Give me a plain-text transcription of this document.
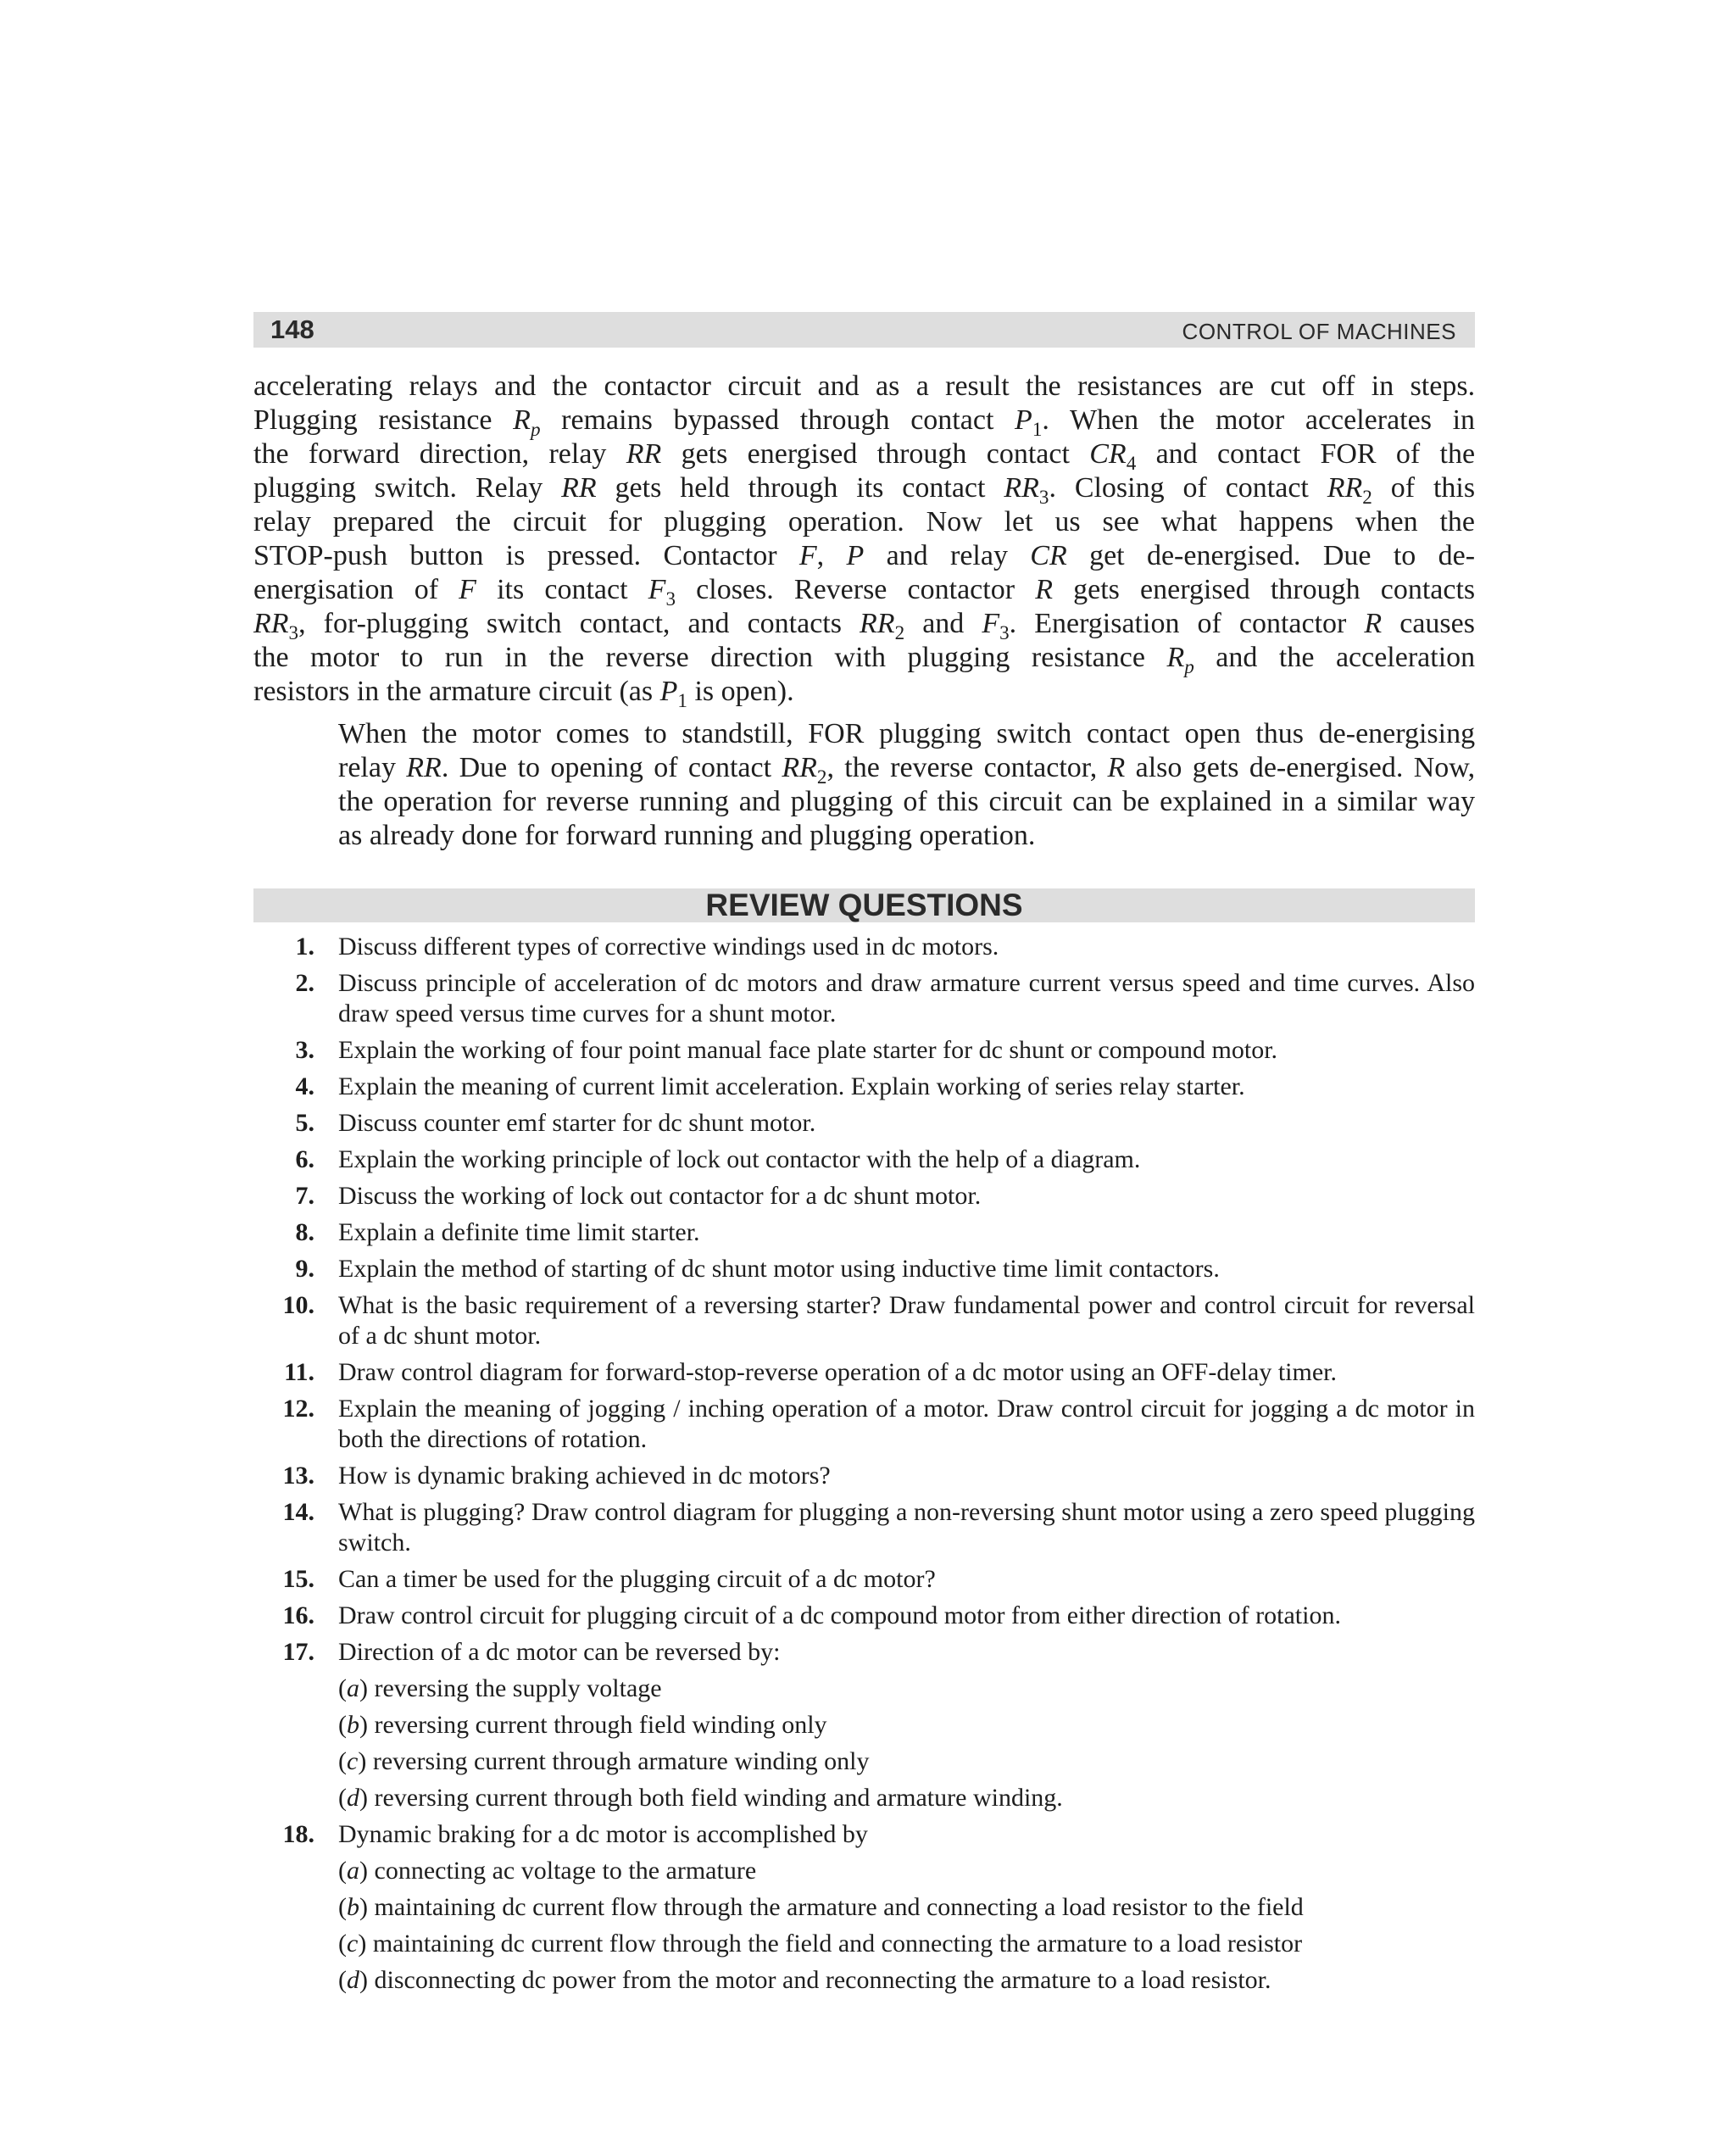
148	CONTROL OF MACHINES

accelerating relays and the contactor circuit and as a result the resistances are cut off in steps.
Plugging resistance $R_p$ remains bypassed through contact $P_1$. When the motor accelerates in
the forward direction, relay RR gets energised through contact $CR_4$ and contact FOR of the
plugging switch. Relay RR gets held through its contact $RR_3$. Closing of contact $RR_2$ of this
relay prepared the circuit for plugging operation. Now let us see what happens when the
STOP-push button is pressed. Contactor F, P and relay CR get de-energised. Due to de-
energisation of F its contact $F_3$ closes. Reverse contactor R gets energised through contacts
$RR_3$, for-plugging switch contact, and contacts $RR_2$ and $F_3$. Energisation of contactor R causes
the motor to run in the reverse direction with plugging resistance $R_p$ and the acceleration
resistors in the armature circuit (as $P_1$ is open).

When the motor comes to standstill, FOR plugging switch contact open thus de-energising
relay RR. Due to opening of contact $RR_2$, the reverse contactor, R also gets de-energised. Now,
the operation for reverse running and plugging of this circuit can be explained in a similar way
as already done for forward running and plugging operation.

REVIEW QUESTIONS
1. Discuss different types of corrective windings used in dc motors.
2. Discuss principle of acceleration of dc motors and draw armature current versus speed and time curves. Also draw speed versus time curves for a shunt motor.
3. Explain the working of four point manual face plate starter for dc shunt or compound motor.
4. Explain the meaning of current limit acceleration. Explain working of series relay starter.
5. Discuss counter emf starter for dc shunt motor.
6. Explain the working principle of lock out contactor with the help of a diagram.
7. Discuss the working of lock out contactor for a dc shunt motor.
8. Explain a definite time limit starter.
9. Explain the method of starting of dc shunt motor using inductive time limit contactors.
10. What is the basic requirement of a reversing starter? Draw fundamental power and control circuit for reversal of a dc shunt motor.
11. Draw control diagram for forward-stop-reverse operation of a dc motor using an OFF-delay timer.
12. Explain the meaning of jogging / inching operation of a motor. Draw control circuit for jogging a dc motor in both the directions of rotation.
13. How is dynamic braking achieved in dc motors?
14. What is plugging? Draw control diagram for plugging a non-reversing shunt motor using a zero speed plugging switch.
15. Can a timer be used for the plugging circuit of a dc motor?
16. Draw control circuit for plugging circuit of a dc compound motor from either direction of rotation.
17. Direction of a dc motor can be reversed by:
(a) reversing the supply voltage
(b) reversing current through field winding only
(c) reversing current through armature winding only
(d) reversing current through both field winding and armature winding.
18. Dynamic braking for a dc motor is accomplished by
(a) connecting ac voltage to the armature
(b) maintaining dc current flow through the armature and connecting a load resistor to the field
(c) maintaining dc current flow through the field and connecting the armature to a load resistor
(d) disconnecting dc power from the motor and reconnecting the armature to a load resistor.
